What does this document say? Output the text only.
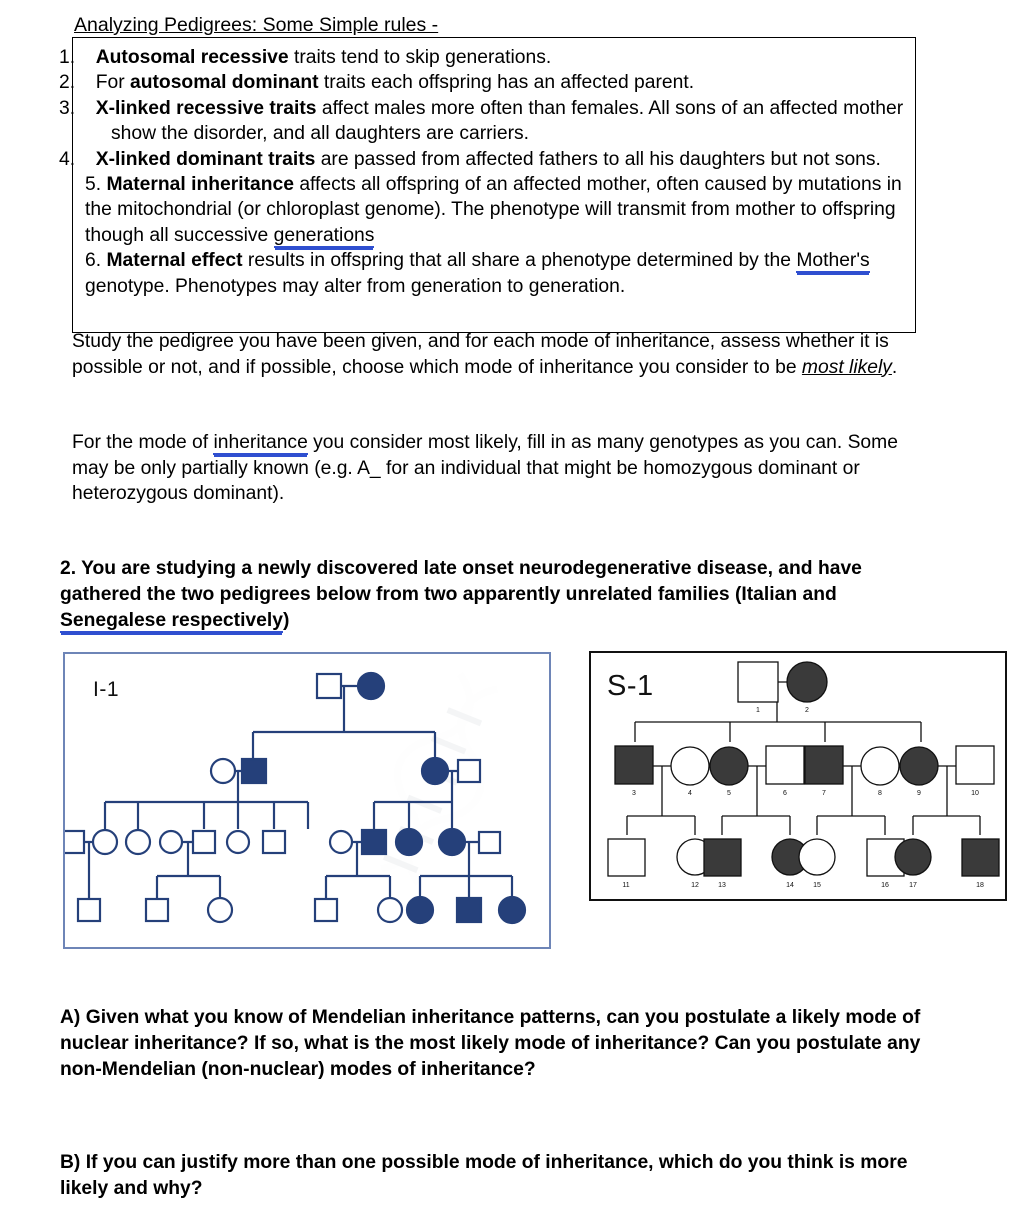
Analyzing Pedigrees: Some Simple rules -

1. Autosomal recessive traits tend to skip generations.

2. For autosomal dominant traits each offspring has an affected parent.

3. X-linked recessive traits affect males more often than females. All sons of an affected mother show the disorder, and all daughters are carriers.

4. X-linked dominant traits are passed from affected fathers to all his daughters but not sons.

5. Maternal inheritance affects all offspring of an affected mother, often caused by mutations in the mitochondrial (or chloroplast genome). The phenotype will transmit from mother to offspring though all successive generations

6. Maternal effect results in offspring that all share a phenotype determined by the Mother's genotype. Phenotypes may alter from generation to generation.

Study the pedigree you have been given, and for each mode of inheritance, assess whether it is possible or not, and if possible, choose which mode of inheritance you consider to be most likely.
For the mode of inheritance you consider most likely, fill in as many genotypes as you can. Some may be only partially known (e.g. A_ for an individual that might be homozygous dominant or heterozygous dominant).
2. You are studying a newly discovered late onset neurodegenerative disease, and have gathered the two pedigrees below from two apparently unrelated families (Italian and Senegalese respectively)
I-1	S-1
1	2
3	4	5	6	7	8	9	10
11	12	13	14	15	16	17	18
A) Given what you know of Mendelian inheritance patterns, can you postulate a likely mode of nuclear inheritance? If so, what is the most likely mode of inheritance? Can you postulate any non-Mendelian (non-nuclear) modes of inheritance?
B) If you can justify more than one possible mode of inheritance, which do you think is more likely and why?
